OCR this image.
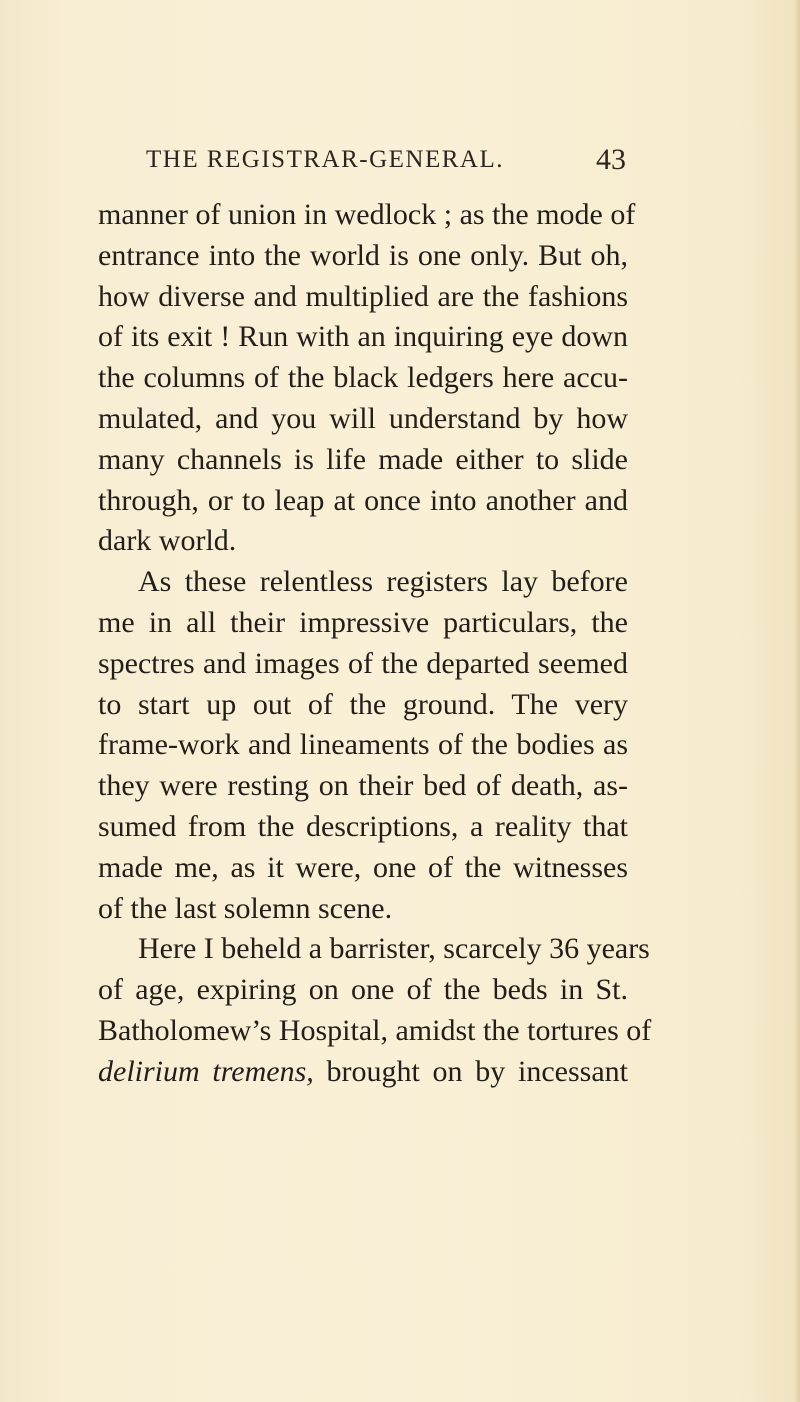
THE REGISTRAR-GENERAL.	43
manner of union in wedlock ; as the mode of
entrance into the world is one only. But oh,
how diverse and multiplied are the fashions
of its exit ! Run with an inquiring eye down
the columns of the black ledgers here accu-
mulated, and you will understand by how
many channels is life made either to slide
through, or to leap at once into another and
dark world.
As these relentless registers lay before
me in all their impressive particulars, the
spectres and images of the departed seemed
to start up out of the ground. The very
frame-work and lineaments of the bodies as
they were resting on their bed of death, as-
sumed from the descriptions, a reality that
made me, as it were, one of the witnesses
of the last solemn scene.
Here I beheld a barrister, scarcely 36 years
of age, expiring on one of the beds in St.
Batholomew’s Hospital, amidst the tortures of
delirium tremens, brought on by incessant
